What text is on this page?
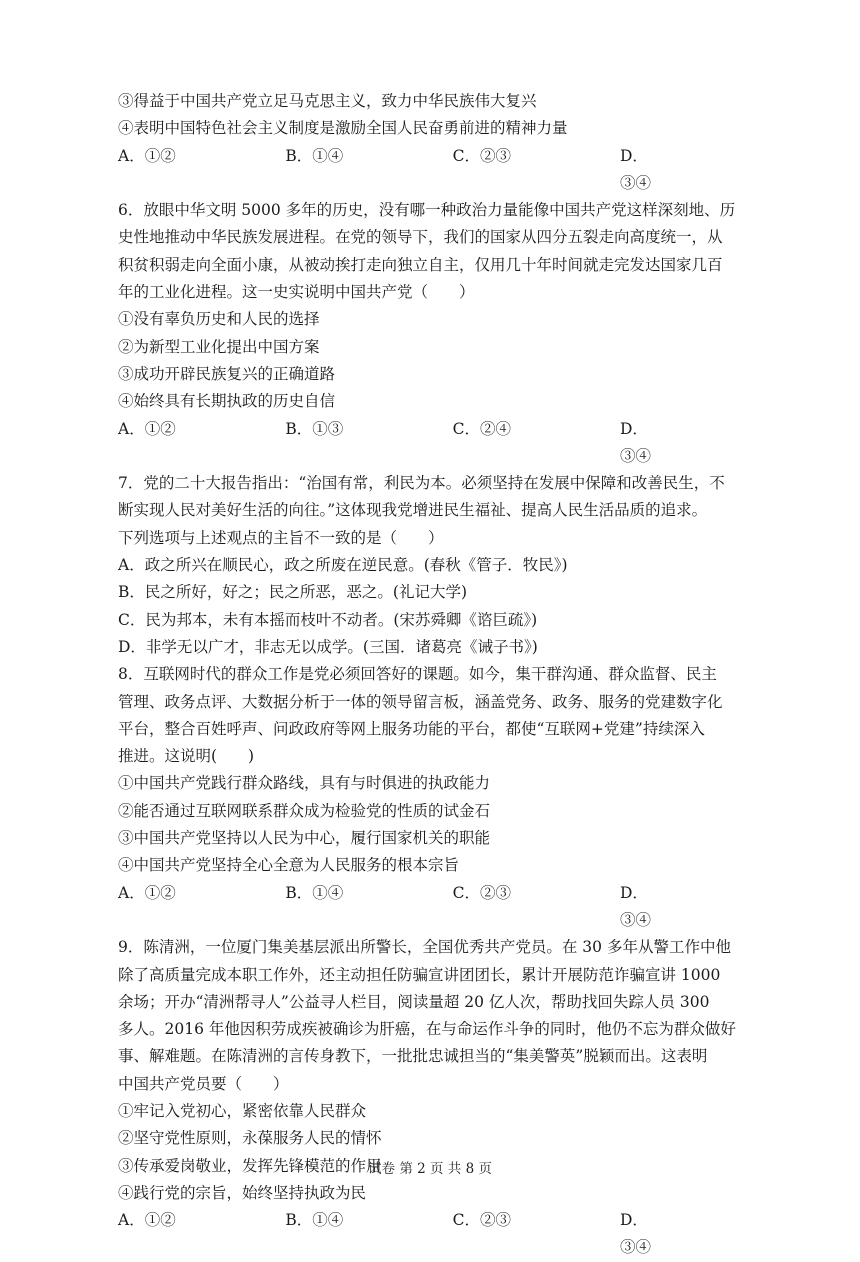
③得益于中国共产党立足马克思主义，致力中华民族伟大复兴
④表明中国特色社会主义制度是激励全国人民奋勇前进的精神力量
A．①②	B．①④	C．②③	D．③④
6．放眼中华文明 5000 多年的历史，没有哪一种政治力量能像中国共产党这样深刻地、历
史性地推动中华民族发展进程。在党的领导下，我们的国家从四分五裂走向高度统一，从
积贫积弱走向全面小康，从被动挨打走向独立自主，仅用几十年时间就走完发达国家几百
年的工业化进程。这一史实说明中国共产党（　　）
①没有辜负历史和人民的选择
②为新型工业化提出中国方案
③成功开辟民族复兴的正确道路
④始终具有长期执政的历史自信
A．①②	B．①③	C．②④	D．③④
7．党的二十大报告指出：“治国有常，利民为本。必须坚持在发展中保障和改善民生，不
断实现人民对美好生活的向往。”这体现我党增进民生福祉、提高人民生活品质的追求。
下列选项与上述观点的主旨不一致的是（　　）
A．政之所兴在顺民心，政之所废在逆民意。(春秋《管子．牧民》)
B．民之所好，好之；民之所恶，恶之。(礼记大学)
C．民为邦本，未有本摇而枝叶不动者。(宋苏舜卿《谘巨疏》)
D．非学无以广才，非志无以成学。(三国．诸葛亮《诫子书》)
8．互联网时代的群众工作是党必须回答好的课题。如今，集干群沟通、群众监督、民主
管理、政务点评、大数据分析于一体的领导留言板，涵盖党务、政务、服务的党建数字化
平台，整合百姓呼声、问政政府等网上服务功能的平台，都使“互联网+党建”持续深入
推进。这说明(　　)
①中国共产党践行群众路线，具有与时俱进的执政能力
②能否通过互联网联系群众成为检验党的性质的试金石
③中国共产党坚持以人民为中心，履行国家机关的职能
④中国共产党坚持全心全意为人民服务的根本宗旨
A．①②	B．①④	C．②③	D．③④
9．陈清洲，一位厦门集美基层派出所警长，全国优秀共产党员。在 30 多年从警工作中他
除了高质量完成本职工作外，还主动担任防骗宣讲团团长，累计开展防范诈骗宣讲 1000
余场；开办“清洲帮寻人”公益寻人栏目，阅读量超 20 亿人次，帮助找回失踪人员 300
多人。2016 年他因积劳成疾被确诊为肝癌，在与命运作斗争的同时，他仍不忘为群众做好
事、解难题。在陈清洲的言传身教下，一批批忠诚担当的“集美警英”脱颖而出。这表明
中国共产党员要（　　）
①牢记入党初心，紧密依靠人民群众
②坚守党性原则，永葆服务人民的情怀
③传承爱岗敬业，发挥先锋模范的作用
④践行党的宗旨，始终坚持执政为民
A．①②	B．①④	C．②③	D．③④
试卷 第 2 页 共 8 页
